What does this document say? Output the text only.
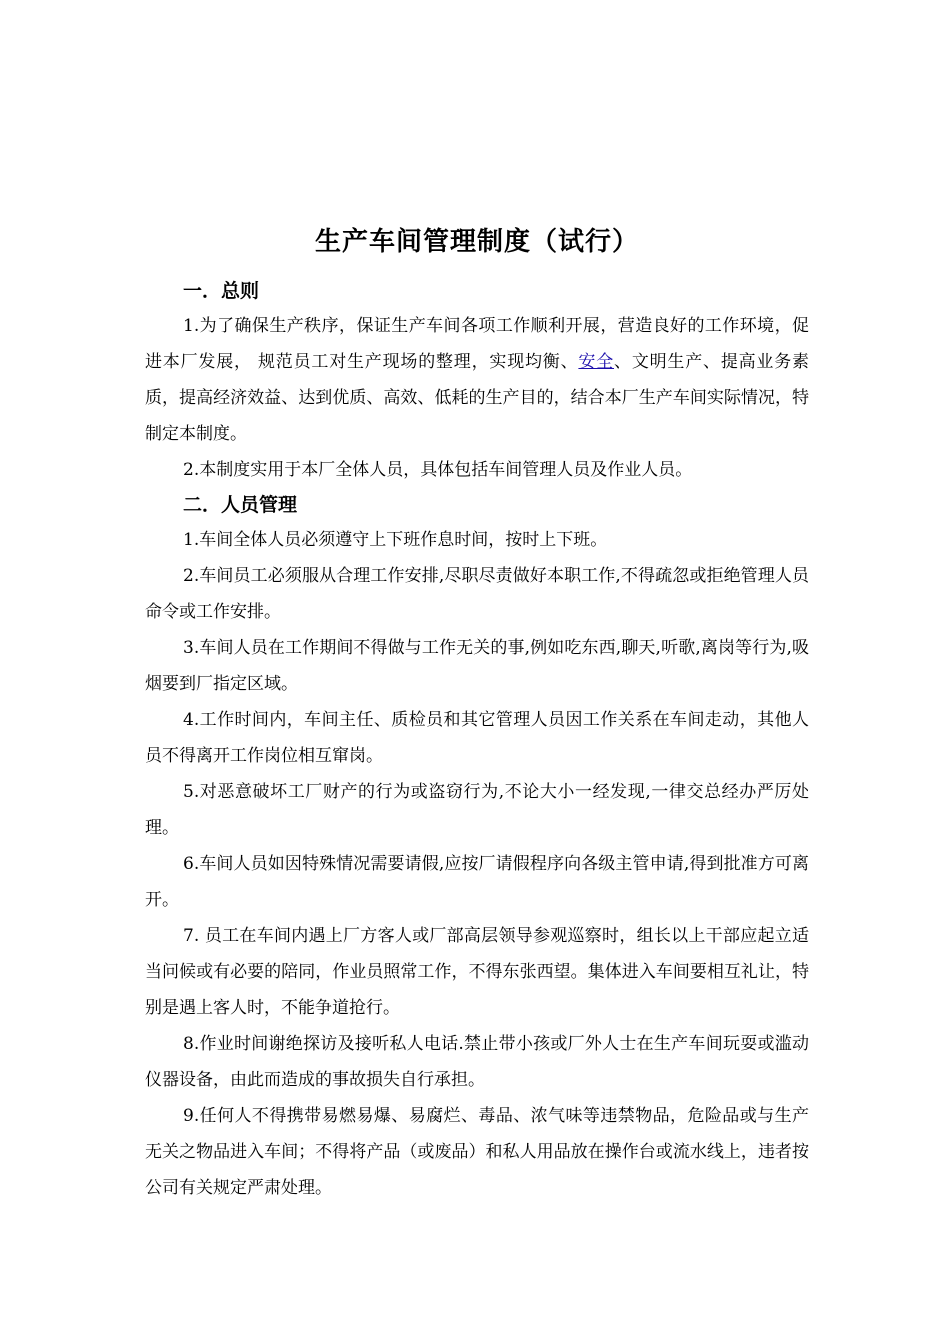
生产车间管理制度（试行）
一．总则

1.为了确保生产秩序，保证生产车间各项工作顺利开展，营造良好的工作环境，促进本厂发展， 规范员工对生产现场的整理，实现均衡、安全、文明生产、提高业务素质，提高经济效益、达到优质、高效、低耗的生产目的，结合本厂生产车间实际情况，特制定本制度。

2.本制度实用于本厂全体人员，具体包括车间管理人员及作业人员。

二．人员管理

1.车间全体人员必须遵守上下班作息时间，按时上下班。

2.车间员工必须服从合理工作安排,尽职尽责做好本职工作,不得疏忽或拒绝管理人员命令或工作安排。

3.车间人员在工作期间不得做与工作无关的事,例如吃东西,聊天,听歌,离岗等行为,吸烟要到厂指定区域。

4.工作时间内，车间主任、质检员和其它管理人员因工作关系在车间走动，其他人员不得离开工作岗位相互窜岗。

5.对恶意破坏工厂财产的行为或盗窃行为,不论大小一经发现,一律交总经办严厉处理。

6.车间人员如因特殊情况需要请假,应按厂请假程序向各级主管申请,得到批准方可离开。

7. 员工在车间内遇上厂方客人或厂部高层领导参观巡察时，组长以上干部应起立适当问候或有必要的陪同，作业员照常工作，不得东张西望。集体进入车间要相互礼让，特别是遇上客人时，不能争道抢行。

8.作业时间谢绝探访及接听私人电话.禁止带小孩或厂外人士在生产车间玩耍或滥动仪器设备，由此而造成的事故损失自行承担。

9.任何人不得携带易燃易爆、易腐烂、毒品、浓气味等违禁物品，危险品或与生产无关之物品进入车间；不得将产品（或废品）和私人用品放在操作台或流水线上，违者按公司有关规定严肃处理。
